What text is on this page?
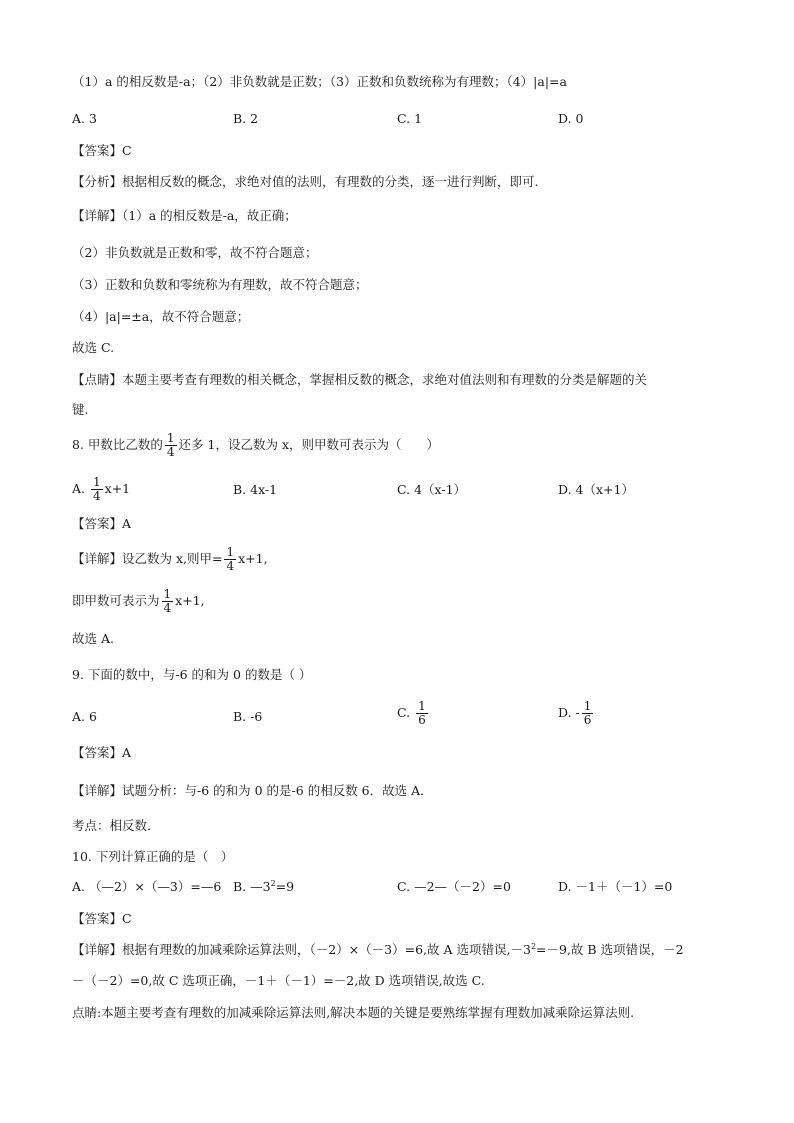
（1）a 的相反数是-a；（2）非负数就是正数；（3）正数和负数统称为有理数；（4）|a|=a
A. 3	B. 2	C. 1	D. 0
【答案】C
【分析】根据相反数的概念，求绝对值的法则，有理数的分类，逐一进行判断，即可.
【详解】（1）a 的相反数是-a，故正确；
（2）非负数就是正数和零，故不符合题意；
（3）正数和负数和零统称为有理数，故不符合题意；
（4）|a|=±a，故不符合题意；
故选 C.
【点睛】本题主要考查有理数的相关概念，掌握相反数的概念，求绝对值法则和有理数的分类是解题的关
键.
8. 甲数比乙数的 $\frac{1}{4}$ 还多 1，设乙数为 x，则甲数可表示为（　　）
A. $\frac{1}{4} x+1$	B. 4x-1	C. 4（x-1）	D. 4（x+1）
【答案】A
【详解】设乙数为 x,则甲= $\frac{1}{4} x+1$,
即甲数可表示为 $\frac{1}{4} x+1$,
故选 A.
9. 下面的数中，与-6 的和为 0 的数是（ ）
A. 6	B. -6	C. $\frac{1}{6}$	D. - $\frac{1}{6}$
【答案】A
【详解】试题分析：与-6 的和为 0 的是-6 的相反数 6．故选 A．
考点：相反数．
10. 下列计算正确的是（　）
A. （—2）×（—3）=—6 B. $—3^2=9$	C. —2—（－2）=0	D. －1＋（－1）=0
【答案】C
【详解】根据有理数的加减乘除运算法则，（－2）×（－3）=6,故 A 选项错误$,-3^2=-9$,故 B 选项错误，－2
－（－2）=0,故 C 选项正确，－1＋（－1）=－2,故 D 选项错误,故选 C.
点睛:本题主要考查有理数的加减乘除运算法则,解决本题的关键是要熟练掌握有理数加减乘除运算法则.
